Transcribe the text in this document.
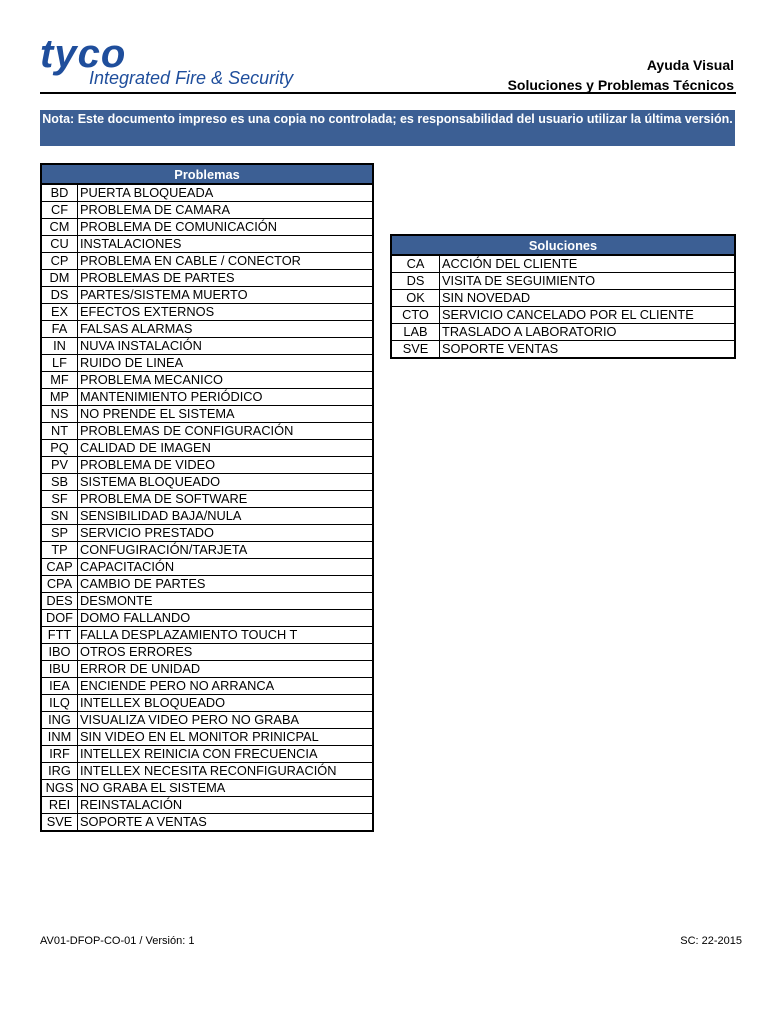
tyco
Integrated Fire & Security
Ayuda Visual
Soluciones y Problemas Técnicos
Nota: Este documento impreso es una copia no controlada; es responsabilidad del usuario utilizar la última versión.
Problemas	
BD	PUERTA BLOQUEADA
CF	PROBLEMA DE CAMARA
CM	PROBLEMA DE COMUNICACIÓN
CU	INSTALACIONES
CP	PROBLEMA EN CABLE / CONECTOR
DM	PROBLEMAS DE PARTES
DS	PARTES/SISTEMA MUERTO
EX	EFECTOS EXTERNOS
FA	FALSAS ALARMAS
IN	NUVA INSTALACIÓN
LF	RUIDO DE LINEA
MF	PROBLEMA MECANICO
MP	MANTENIMIENTO PERIÓDICO
NS	NO PRENDE EL SISTEMA
NT	PROBLEMAS DE CONFIGURACIÓN
PQ	CALIDAD DE IMAGEN
PV	PROBLEMA DE VIDEO
SB	SISTEMA BLOQUEADO
SF	PROBLEMA DE SOFTWARE
SN	SENSIBILIDAD BAJA/NULA
SP	SERVICIO PRESTADO
TP	CONFUGIRACIÓN/TARJETA
CAP	CAPACITACIÓN
CPA	CAMBIO DE PARTES
DES	DESMONTE
DOF	DOMO FALLANDO
FTT	FALLA DESPLAZAMIENTO TOUCH T
IBO	OTROS ERRORES
IBU	ERROR DE UNIDAD
IEA	ENCIENDE PERO NO ARRANCA
ILQ	INTELLEX BLOQUEADO
ING	VISUALIZA VIDEO PERO NO GRABA
INM	SIN VIDEO EN EL MONITOR PRINICPAL
IRF	INTELLEX REINICIA CON FRECUENCIA
IRG	INTELLEX NECESITA RECONFIGURACIÓN
NGS	NO GRABA EL SISTEMA
REI	REINSTALACIÓN
SVE	SOPORTE A VENTAS
Soluciones	
CA	ACCIÓN DEL CLIENTE
DS	VISITA DE SEGUIMIENTO
OK	SIN NOVEDAD
CTO	SERVICIO CANCELADO POR EL CLIENTE
LAB	TRASLADO A LABORATORIO
SVE	SOPORTE VENTAS
AV01-DFOP-CO-01 / Versión: 1	SC: 22-2015
